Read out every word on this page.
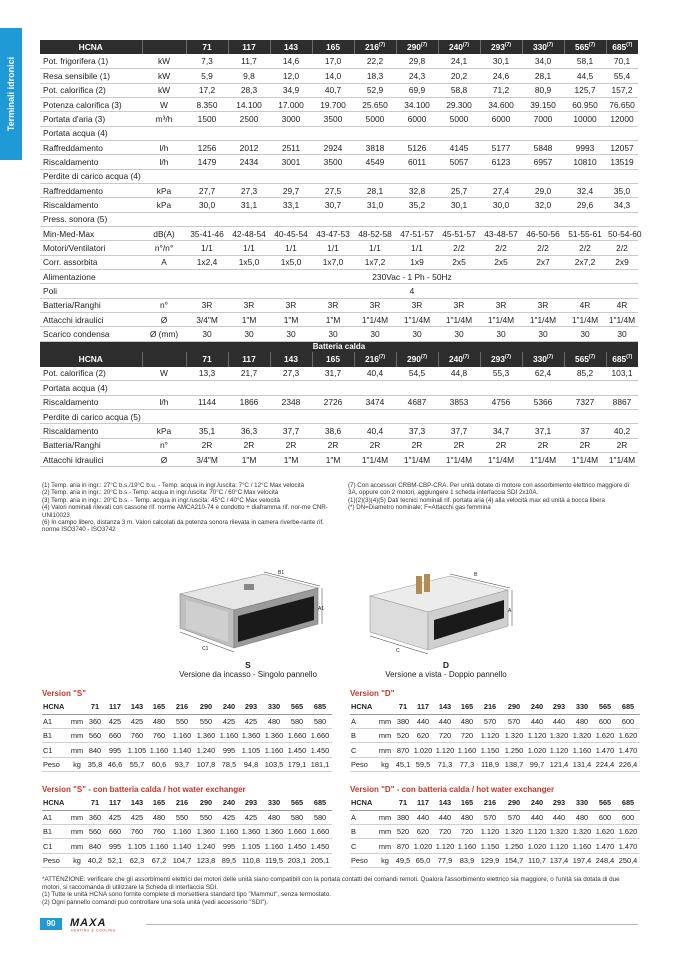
Terminali idronici
HCNA		71	117	143	165	216$^{(7)}$	290$^{(7)}$	240$^{(7)}$	293$^{(7)}$	330$^{(7)}$	565$^{(7)}$	685$^{(7)}$
Pot. frigorifera (1)	kW	7,3	11,7	14,6	17,0	22,2	29,8	24,1	30,1	34,0	58,1	70,1
Resa sensibile (1)	kW	5,9	9,8	12,0	14,0	18,3	24,3	20,2	24,6	28,1	44,5	55,4
Pot. calorifica (2)	kW	17,2	28,3	34,9	40,7	52,9	69,9	58,8	71,2	80,9	125,7	157,2
Potenza calorifica (3)	W	8.350	14.100	17.000	19.700	25.650	34.100	29.300	34.600	39.150	60.950	76.650
Portata d'aria (3)	m³/h	1500	2500	3000	3500	5000	6000	5000	6000	7000	10000	12000
Portata acqua (4)												
Raffreddamento	l/h	1256	2012	2511	2924	3818	5126	4145	5177	5848	9993	12057
Riscaldamento	l/h	1479	2434	3001	3500	4549	6011	5057	6123	6957	10810	13519
Perdite di carico acqua (4)												
Raffreddamento	kPa	27,7	27,3	29,7	27,5	28,1	32,8	25,7	27,4	29,0	32,4	35,0
Riscaldamento	kPa	30,0	31,1	33,1	30,7	31,0	35,2	30,1	30,0	32,0	29,6	34,3
Press. sonora (5)												
Min-Med-Max	dB(A)	35-41-46	42-48-54	40-45-54	43-47-53	48-52-58	47-51-57	45-51-57	43-48-57	46-50-56	51-55-61	50-54-60
Motori/Ventilatori	n°/n°	1/1	1/1	1/1	1/1	1/1	1/1	2/2	2/2	2/2	2/2	2/2
Corr. assorbita	A	1x2,4	1x5,0	1x5,0	1x7,0	1x7,2	1x9	2x5	2x5	2x7	2x7,2	2x9
Alimentazione		230Vac - 1 Ph - 50Hz										
Poli		4										
Batteria/Ranghi	n°	3R	3R	3R	3R	3R	3R	3R	3R	3R	4R	4R
Attacchi idraulici	Ø	3/4"M	1"M	1"M	1"M	1"1/4M	1"1/4M	1"1/4M	1"1/4M	1"1/4M	1"1/4M	1"1/4M
Scarico condensa	Ø (mm)	30	30	30	30	30	30	30	30	30	30	30
Batteria calda												
HCNA		71	117	143	165	216$^{(7)}$	290$^{(7)}$	240$^{(7)}$	293$^{(7)}$	330$^{(7)}$	565$^{(7)}$	685$^{(7)}$
Pot. calorifica (2)	W	13,3	21,7	27,3	31,7	40,4	54,5	44,8	55,3	62,4	85,2	103,1
Portata acqua (4)												
Riscaldamento	l/h	1144	1866	2348	2726	3474	4687	3853	4756	5366	7327	8867
Perdite di carico acqua (5)												
Riscaldamento	kPa	35,1	36,3	37,7	38,6	40,4	37,3	37,7	34,7	37,1	37	40,2
Batteria/Ranghi	n°	2R	2R	2R	2R	2R	2R	2R	2R	2R	2R	2R
Attacchi idraulici	Ø	3/4"M	1"M	1"M	1"M	1"1/4M	1"1/4M	1"1/4M	1"1/4M	1"1/4M	1"1/4M	1"1/4M
(1) Temp. aria in ingr.: 27°C b.s./19°C b.u. - Temp. acqua in ingr./uscita: 7°C / 12°C Max velocità
(2) Temp. aria in ingr.: 20°C b.s.- Temp. acqua in ingr./uscita: 70°C / 60°C Max velocità
(3) Temp. aria in ingr.: 20°C b.s. - Temp. acqua in ingr./uscita: 45°C / 40°C Max velocità
(4) Valori nominali rilevati con cassone rif. norme AMCA210-74 e condotto + diaframma rif. nor-me CNR-UNI10023
(6) In campo libero, distanza 3 m. Valori calcolati da potenza sonora rilevata in camera riverbe-rante rif. norme ISO3740 - ISO3742
(7) Con accessori CRBM-CBP-CRA. Per unità dotate di motore con assorbimento elettrico maggiore di 3A, oppure con 2 motori, aggiungere 1 scheda interfaccia SDI 2x10A.
(1)(2)(3)(4)(5) Dati tecnici nominali rif. portata aria (4) alla velocità max ed unità a bocca libera
(*) DN=Diametro nominale; F=Attacchi gas femmina
B1
A1
C1
S
Versione da incasso - Singolo pannello
B
A
C
D
Versione a vista - Doppio pannello
Version "S"
HCNA		71	117	143	165	216	290	240	293	330	565	685
A1	mm	360	425	425	480	550	550	425	425	480	580	580
B1	mm	560	660	760	760	1.160	1.360	1.160	1.360	1.360	1.660	1.660
C1	mm	840	995	1.105	1.160	1.140	1.240	995	1.105	1.160	1.450	1.450
Peso	kg	35,8	46,6	55,7	60,6	93,7	107,8	78,5	94,8	103,5	179,1	181,1
Version "D"
HCNA		71	117	143	165	216	290	240	293	330	565	685
A	mm	380	440	440	480	570	570	440	440	480	600	600
B	mm	520	620	720	720	1.120	1.320	1.120	1.320	1.320	1.620	1.620
C	mm	870	1.020	1.120	1.160	1.150	1.250	1.020	1.120	1.160	1.470	1.470
Peso	kg	45,1	59,5	71,3	77,3	118,9	138,7	99,7	121,4	131,4	224,4	226,4
Version "S" - con batteria calda / hot water exchanger
HCNA		71	117	143	165	216	290	240	293	330	565	685
A1	mm	360	425	425	480	550	550	425	425	480	580	580
B1	mm	560	660	760	760	1.160	1.360	1.160	1.360	1.360	1.660	1.660
C1	mm	840	995	1.105	1.160	1.140	1.240	995	1.105	1.160	1.450	1.450
Peso	kg	40,2	52,1	62,3	67,2	104,7	123,8	89,5	110,8	119,5	203,1	205,1
Version "D" - con batteria calda / hot water exchanger
HCNA		71	117	143	165	216	290	240	293	330	565	685
A	mm	380	440	440	480	570	570	440	440	480	600	600
B	mm	520	620	720	720	1.120	1.320	1.120	1.320	1.320	1.620	1.620
C	mm	870	1.020	1.120	1.160	1.150	1.250	1.020	1.120	1.160	1.470	1.470
Peso	kg	49,5	65,0	77,9	83,9	129,9	154,7	110,7	137,4	197,4	248,4	250,4
*ATTENZIONE: verificare che gli assorbimenti elettrici dei motori delle unità siano compatibili con la portata contatti dei comandi remoti. Qualora l'assorbimento elettrico sia maggiore, o l'unità sia dotata di due motori, si raccomanda di utilizzare la Scheda di interfaccia SDI.
(1) Tutte le unità HCNA sono fornite complete di morsettiera standard tipo "Mammut", senza termostato.
(2) Ogni pannello comandi può controllare una sola unità (vedi accessorio "SDI").
90	MAXA
HEATING & COOLING
